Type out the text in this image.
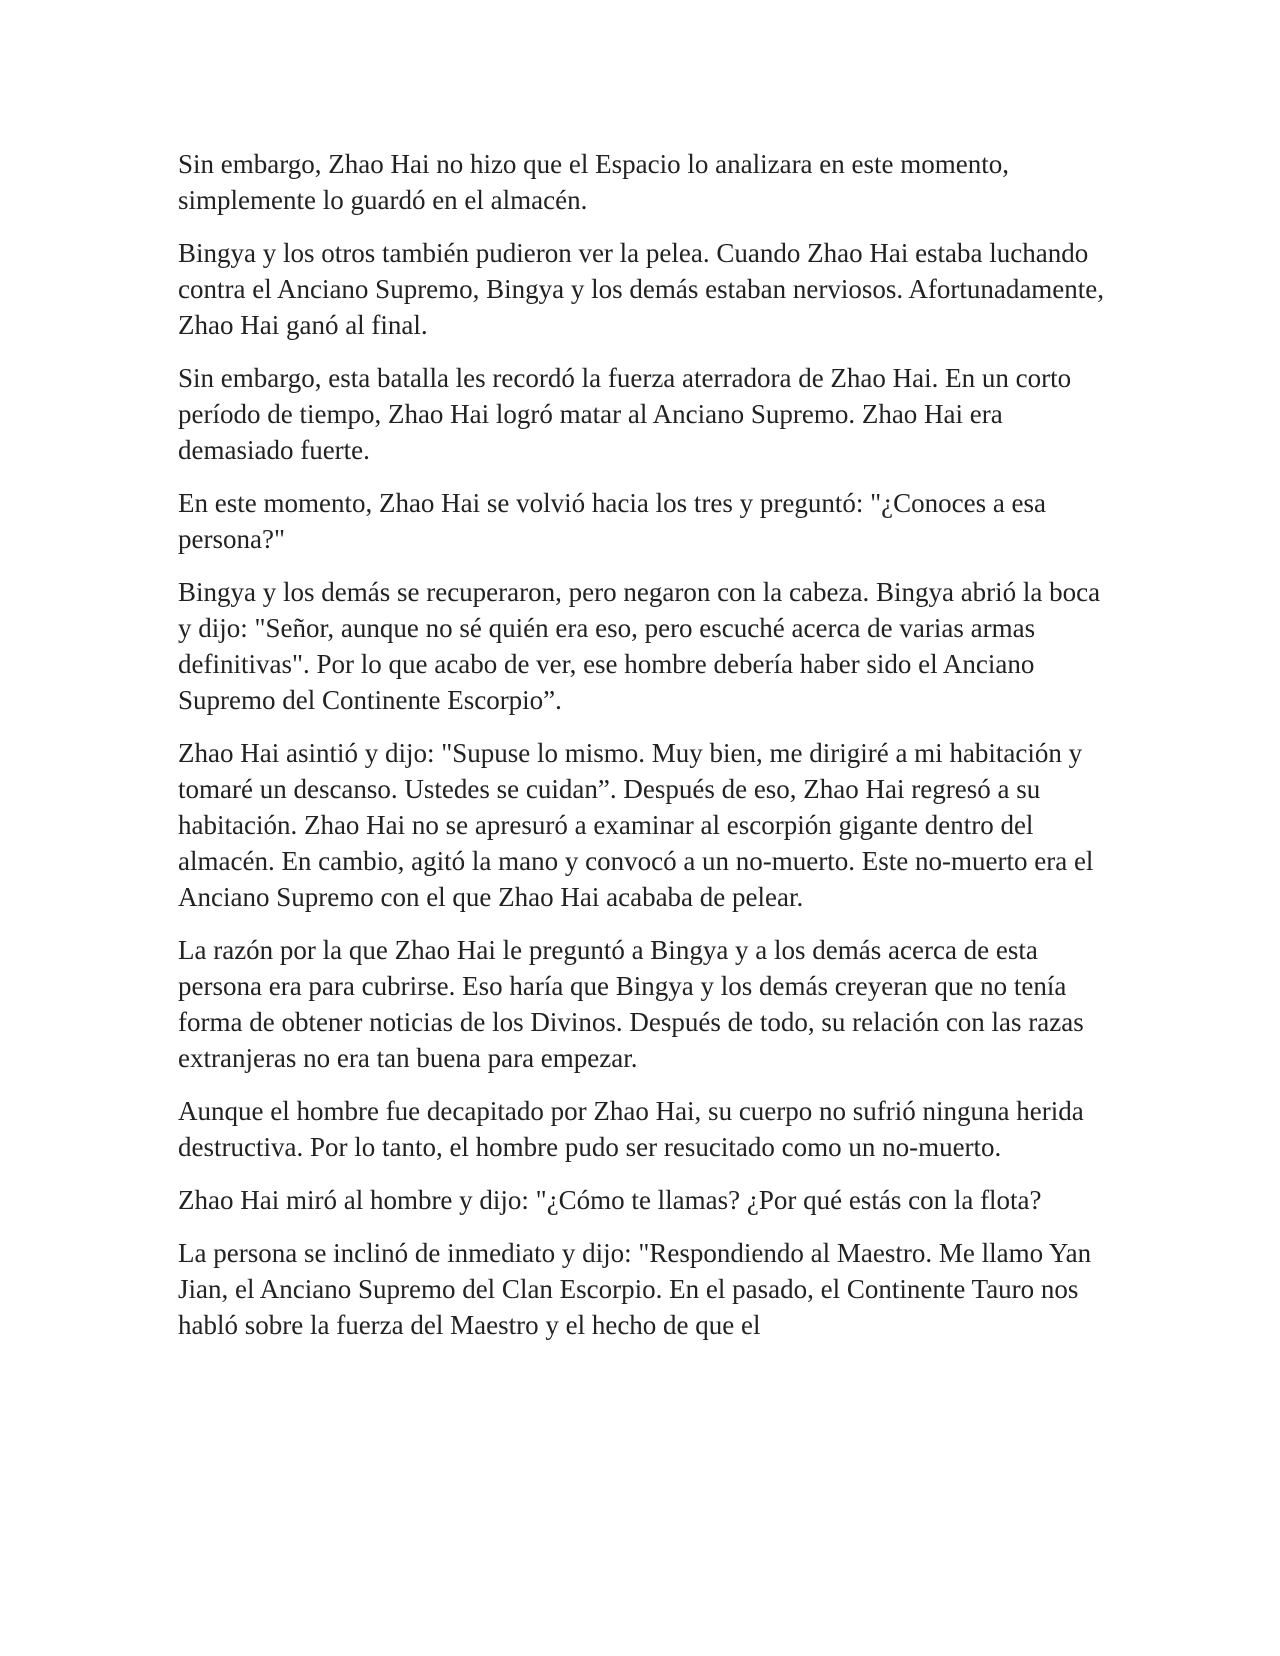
Sin embargo, Zhao Hai no hizo que el Espacio lo analizara en este momento, simplemente lo guardó en el almacén.

Bingya y los otros también pudieron ver la pelea. Cuando Zhao Hai estaba luchando contra el Anciano Supremo, Bingya y los demás estaban nerviosos. Afortunadamente, Zhao Hai ganó al final.

Sin embargo, esta batalla les recordó la fuerza aterradora de Zhao Hai. En un corto período de tiempo, Zhao Hai logró matar al Anciano Supremo. Zhao Hai era demasiado fuerte.

En este momento, Zhao Hai se volvió hacia los tres y preguntó: "¿Conoces a esa persona?"

Bingya y los demás se recuperaron, pero negaron con la cabeza. Bingya abrió la boca y dijo: "Señor, aunque no sé quién era eso, pero escuché acerca de varias armas definitivas". Por lo que acabo de ver, ese hombre debería haber sido el Anciano Supremo del Continente Escorpio”.

Zhao Hai asintió y dijo: "Supuse lo mismo. Muy bien, me dirigiré a mi habitación y tomaré un descanso. Ustedes se cuidan”. Después de eso, Zhao Hai regresó a su habitación. Zhao Hai no se apresuró a examinar al escorpión gigante dentro del almacén. En cambio, agitó la mano y convocó a un no-muerto. Este no-muerto era el Anciano Supremo con el que Zhao Hai acababa de pelear.

La razón por la que Zhao Hai le preguntó a Bingya y a los demás acerca de esta persona era para cubrirse. Eso haría que Bingya y los demás creyeran que no tenía forma de obtener noticias de los Divinos. Después de todo, su relación con las razas extranjeras no era tan buena para empezar.

Aunque el hombre fue decapitado por Zhao Hai, su cuerpo no sufrió ninguna herida destructiva. Por lo tanto, el hombre pudo ser resucitado como un no-muerto.

Zhao Hai miró al hombre y dijo: "¿Cómo te llamas? ¿Por qué estás con la flota?

La persona se inclinó de inmediato y dijo: "Respondiendo al Maestro. Me llamo Yan Jian, el Anciano Supremo del Clan Escorpio. En el pasado, el Continente Tauro nos habló sobre la fuerza del Maestro y el hecho de que el
